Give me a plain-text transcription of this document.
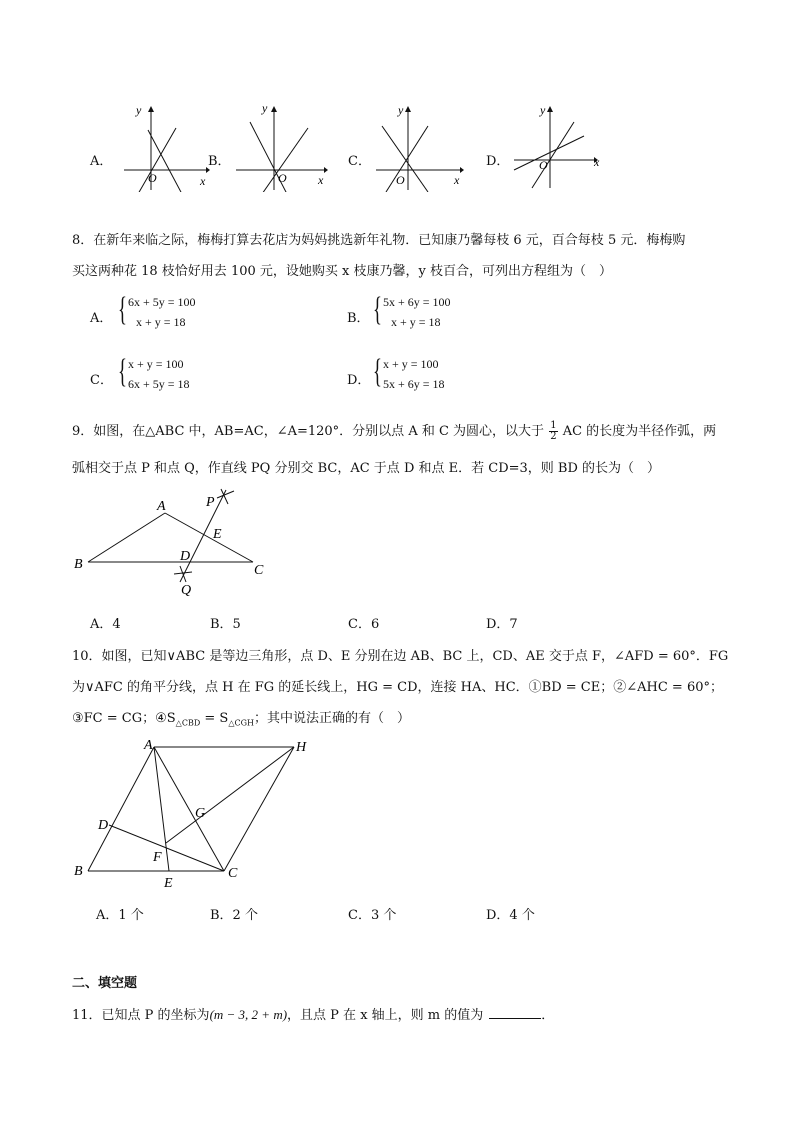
A．
y
x
O
B．
y
x
O
C．
y
x
O
D．
y
x
O
8．在新年来临之际，梅梅打算去花店为妈妈挑选新年礼物．已知康乃馨每枝 6 元，百合每枝 5 元．梅梅购
买这两种花 18 枝恰好用去 100 元，设她购买 x 枝康乃馨，y 枝百合，可列出方程组为（　）
A． { 6x + 5y = 100
x + y = 18	B． { 5x + 6y = 100
x + y = 18
C． { x + y = 100
6x + 5y = 18	D． { x + y = 100
5x + 6y = 18
9．如图，在△ABC 中，AB=AC，∠A=120°．分别以点 A 和 C 为圆心，以大于 $\frac{1}{2}$ AC 的长度为半径作弧，两
弧相交于点 P 和点 Q，作直线 PQ 分别交 BC，AC 于点 D 和点 E．若 CD=3，则 BD 的长为（　）
A
B	C
D
E
P
Q
A．4	B．5	C．6	D．7
10．如图，已知∨ABC 是等边三角形，点 D、E 分别在边 AB、BC 上，CD、AE 交于点 F，∠AFD = 60°．FG
为∨AFC 的角平分线，点 H 在 FG 的延长线上，HG = CD，连接 HA、HC．①BD = CE；②∠AHC = 60°；
③FC = CG；$④S_{\triangle CBD} = S_{\triangle CGH}$；其中说法正确的有（　）
A	H
D
G
F
B
E
C
A．1 个	B．2 个	C．3 个	D．4 个
二、填空题
11．已知点 P 的坐标为(m − 3, 2 + m)，且点 P 在 x 轴上，则 m 的值为	．
